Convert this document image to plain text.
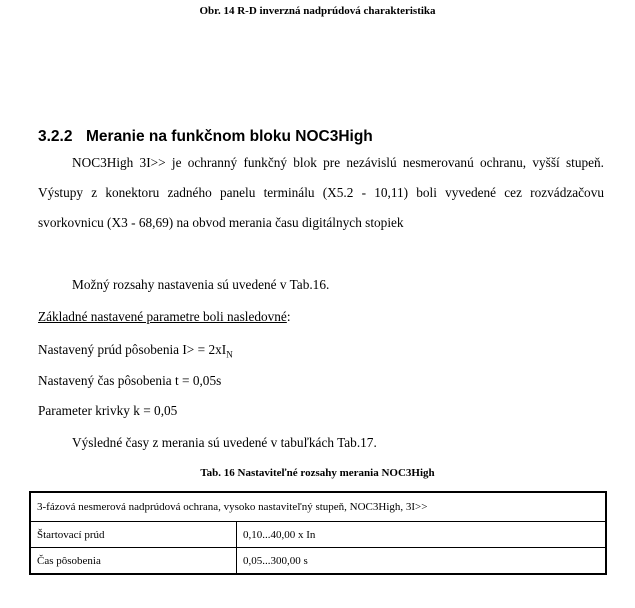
Obr. 14 R-D inverzná nadprúdová charakteristika
3.2.2 Meranie na funkčnom bloku NOC3High
NOC3High 3I>> je ochranný funkčný blok pre nezávislú nesmerovanú ochranu, vyšší stupeň. Výstupy z konektoru zadného panelu terminálu (X5.2 - 10,11) boli vyvedené cez rozvádzačovu svorkovnicu (X3 - 68,69) na obvod merania času digitálnych stopiek
Možný rozsahy nastavenia sú uvedené v Tab.16.
Základné nastavené parametre boli nasledovné:
Nastavený prúd pôsobenia $I> = 2xI_N$
Nastavený čas pôsobenia t = 0,05s
Parameter krivky k = 0,05
Výsledné časy z merania sú uvedené v tabuľkách Tab.17.
Tab. 16 Nastaviteľné rozsahy merania NOC3High
3-fázová nesmerová nadprúdová ochrana, vysoko nastaviteľný stupeň, NOC3High, 3I>>	
Štartovací prúd	0,10...40,00 x In
Čas pôsobenia	0,05...300,00 s
